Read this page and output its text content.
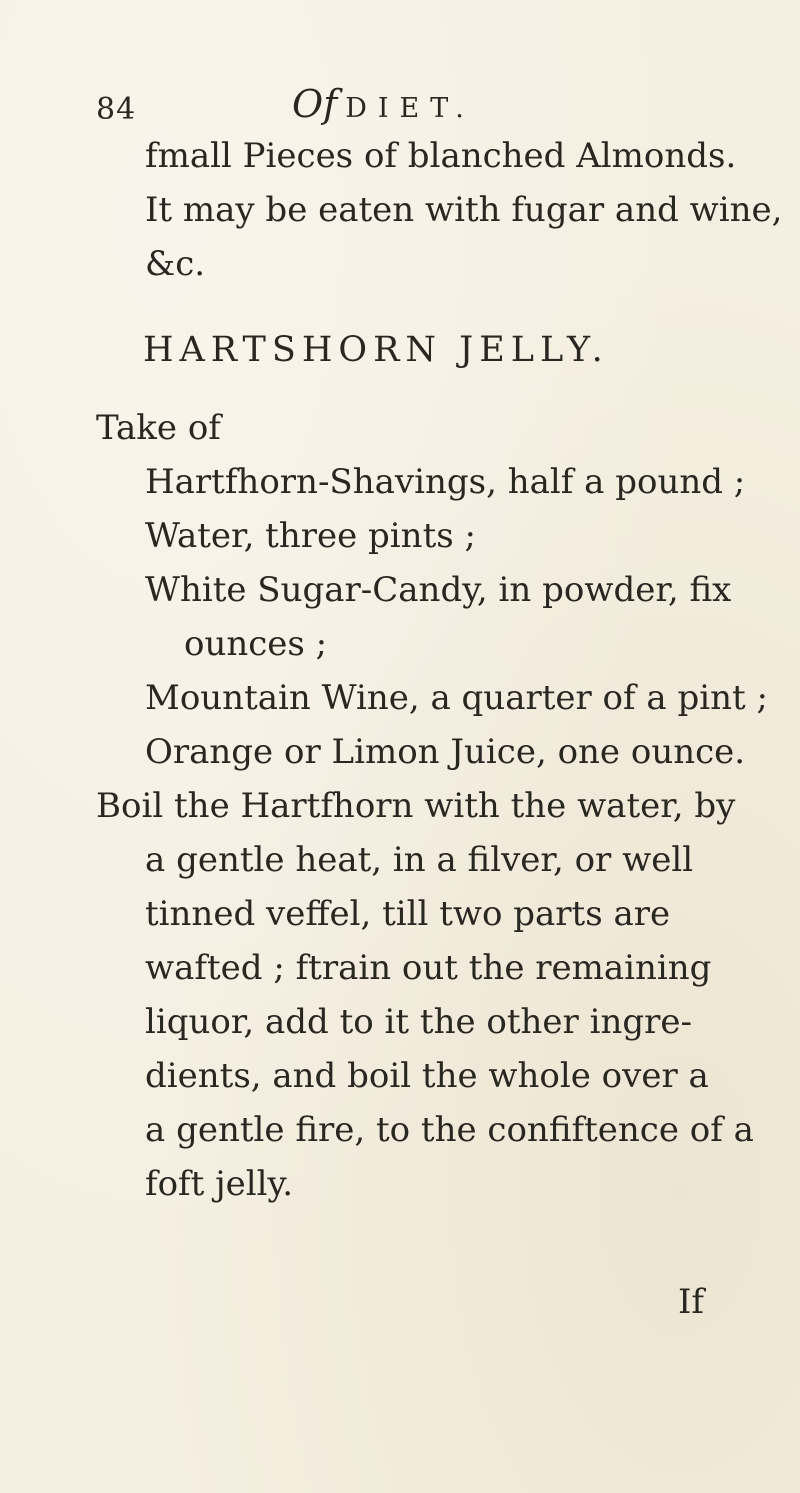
84	Of DIET.
fmall Pieces of blanched Almonds.
It may be eaten with fugar and wine,
&c.
HARTSHORN JELLY.
Take of
Hartfhorn-Shavings, half a pound ;
Water, three pints ;
White Sugar-Candy, in powder, fix
ounces ;
Mountain Wine, a quarter of a pint ;
Orange or Limon Juice, one ounce.
Boil the Hartfhorn with the water, by
a gentle heat, in a filver, or well
tinned veffel, till two parts are
wafted ; ftrain out the remaining
liquor, add to it the other ingre-
dients, and boil the whole over a
a gentle fire, to the confiftence of a
foft jelly.
If
